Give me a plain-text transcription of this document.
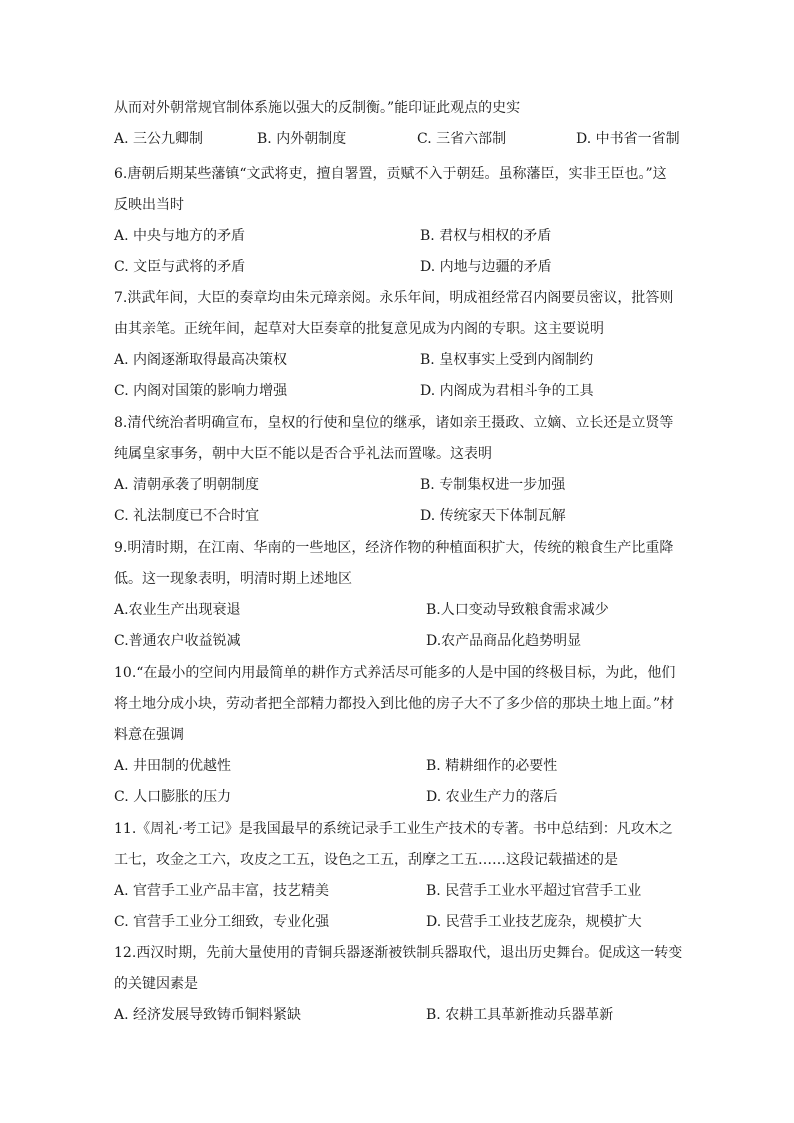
从而对外朝常规官制体系施以强大的反制衡。”能印证此观点的史实
A. 三公九卿制	B. 内外朝制度	C. 三省六部制	D. 中书省一省制
6.唐朝后期某些藩镇“文武将吏，擅自署置，贡赋不入于朝廷。虽称藩臣，实非王臣也。”这
反映出当时
A. 中央与地方的矛盾	B. 君权与相权的矛盾
C. 文臣与武将的矛盾	D. 内地与边疆的矛盾
7.洪武年间，大臣的奏章均由朱元璋亲阅。永乐年间，明成祖经常召内阁要员密议，批答则
由其亲笔。正统年间，起草对大臣奏章的批复意见成为内阁的专职。这主要说明
A. 内阁逐渐取得最高决策权	B. 皇权事实上受到内阁制约
C. 内阁对国策的影响力增强	D. 内阁成为君相斗争的工具
8.清代统治者明确宣布，皇权的行使和皇位的继承，诸如亲王摄政、立嫡、立长还是立贤等
纯属皇家事务，朝中大臣不能以是否合乎礼法而置喙。这表明
A. 清朝承袭了明朝制度	B. 专制集权进一步加强
C. 礼法制度已不合时宜	D. 传统家天下体制瓦解
9.明清时期，在江南、华南的一些地区，经济作物的种植面积扩大，传统的粮食生产比重降
低。这一现象表明，明清时期上述地区
A.农业生产出现衰退	B.人口变动导致粮食需求减少
C.普通农户收益锐减	D.农产品商品化趋势明显
10.“在最小的空间内用最简单的耕作方式养活尽可能多的人是中国的终极目标，为此，他们
将土地分成小块，劳动者把全部精力都投入到比他的房子大不了多少倍的那块土地上面。”材
料意在强调
A. 井田制的优越性	B. 精耕细作的必要性
C. 人口膨胀的压力	D. 农业生产力的落后
11.《周礼·考工记》是我国最早的系统记录手工业生产技术的专著。书中总结到：凡攻木之
工七，攻金之工六，攻皮之工五，设色之工五，刮摩之工五……这段记载描述的是
A. 官营手工业产品丰富，技艺精美	B. 民营手工业水平超过官营手工业
C. 官营手工业分工细致，专业化强	D. 民营手工业技艺庞杂，规模扩大
12.西汉时期，先前大量使用的青铜兵器逐渐被铁制兵器取代，退出历史舞台。促成这一转变
的关键因素是
A. 经济发展导致铸币铜料紧缺	B. 农耕工具革新推动兵器革新
